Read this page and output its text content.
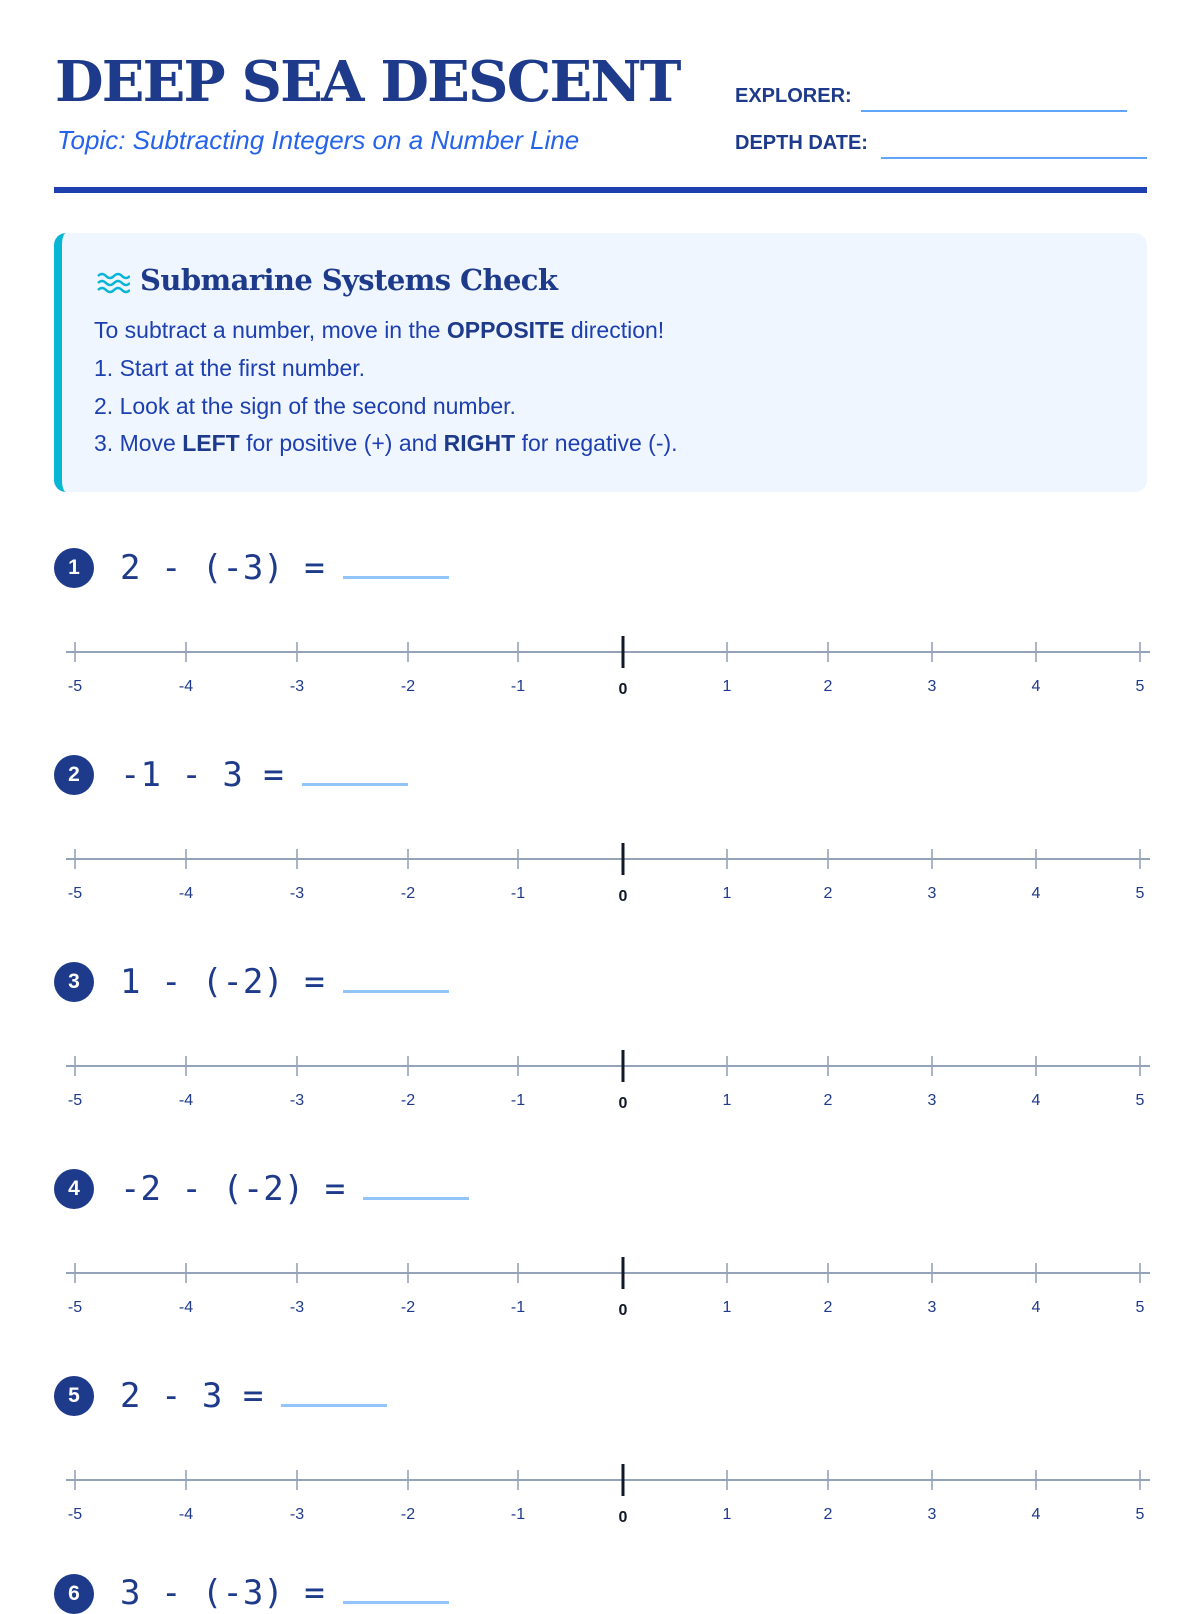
DEEP SEA DESCENT
Topic: Subtracting Integers on a Number Line
EXPLORER:
DEPTH DATE:
Submarine Systems Check
To subtract a number, move in the OPPOSITE direction!
1. Start at the first number.
2. Look at the sign of the second number.
3. Move LEFT for positive (+) and RIGHT for negative (-).
1	2 - (-3) =
-5	-4	-3	-2	-1	0	1	2	3	4	5
2	-1 - 3 =
-5	-4	-3	-2	-1	0	1	2	3	4	5
3	1 - (-2) =
-5	-4	-3	-2	-1	0	1	2	3	4	5
4	-2 - (-2) =
-5	-4	-3	-2	-1	0	1	2	3	4	5
5	2 - 3 =
-5	-4	-3	-2	-1	0	1	2	3	4	5
6	3 - (-3) =
